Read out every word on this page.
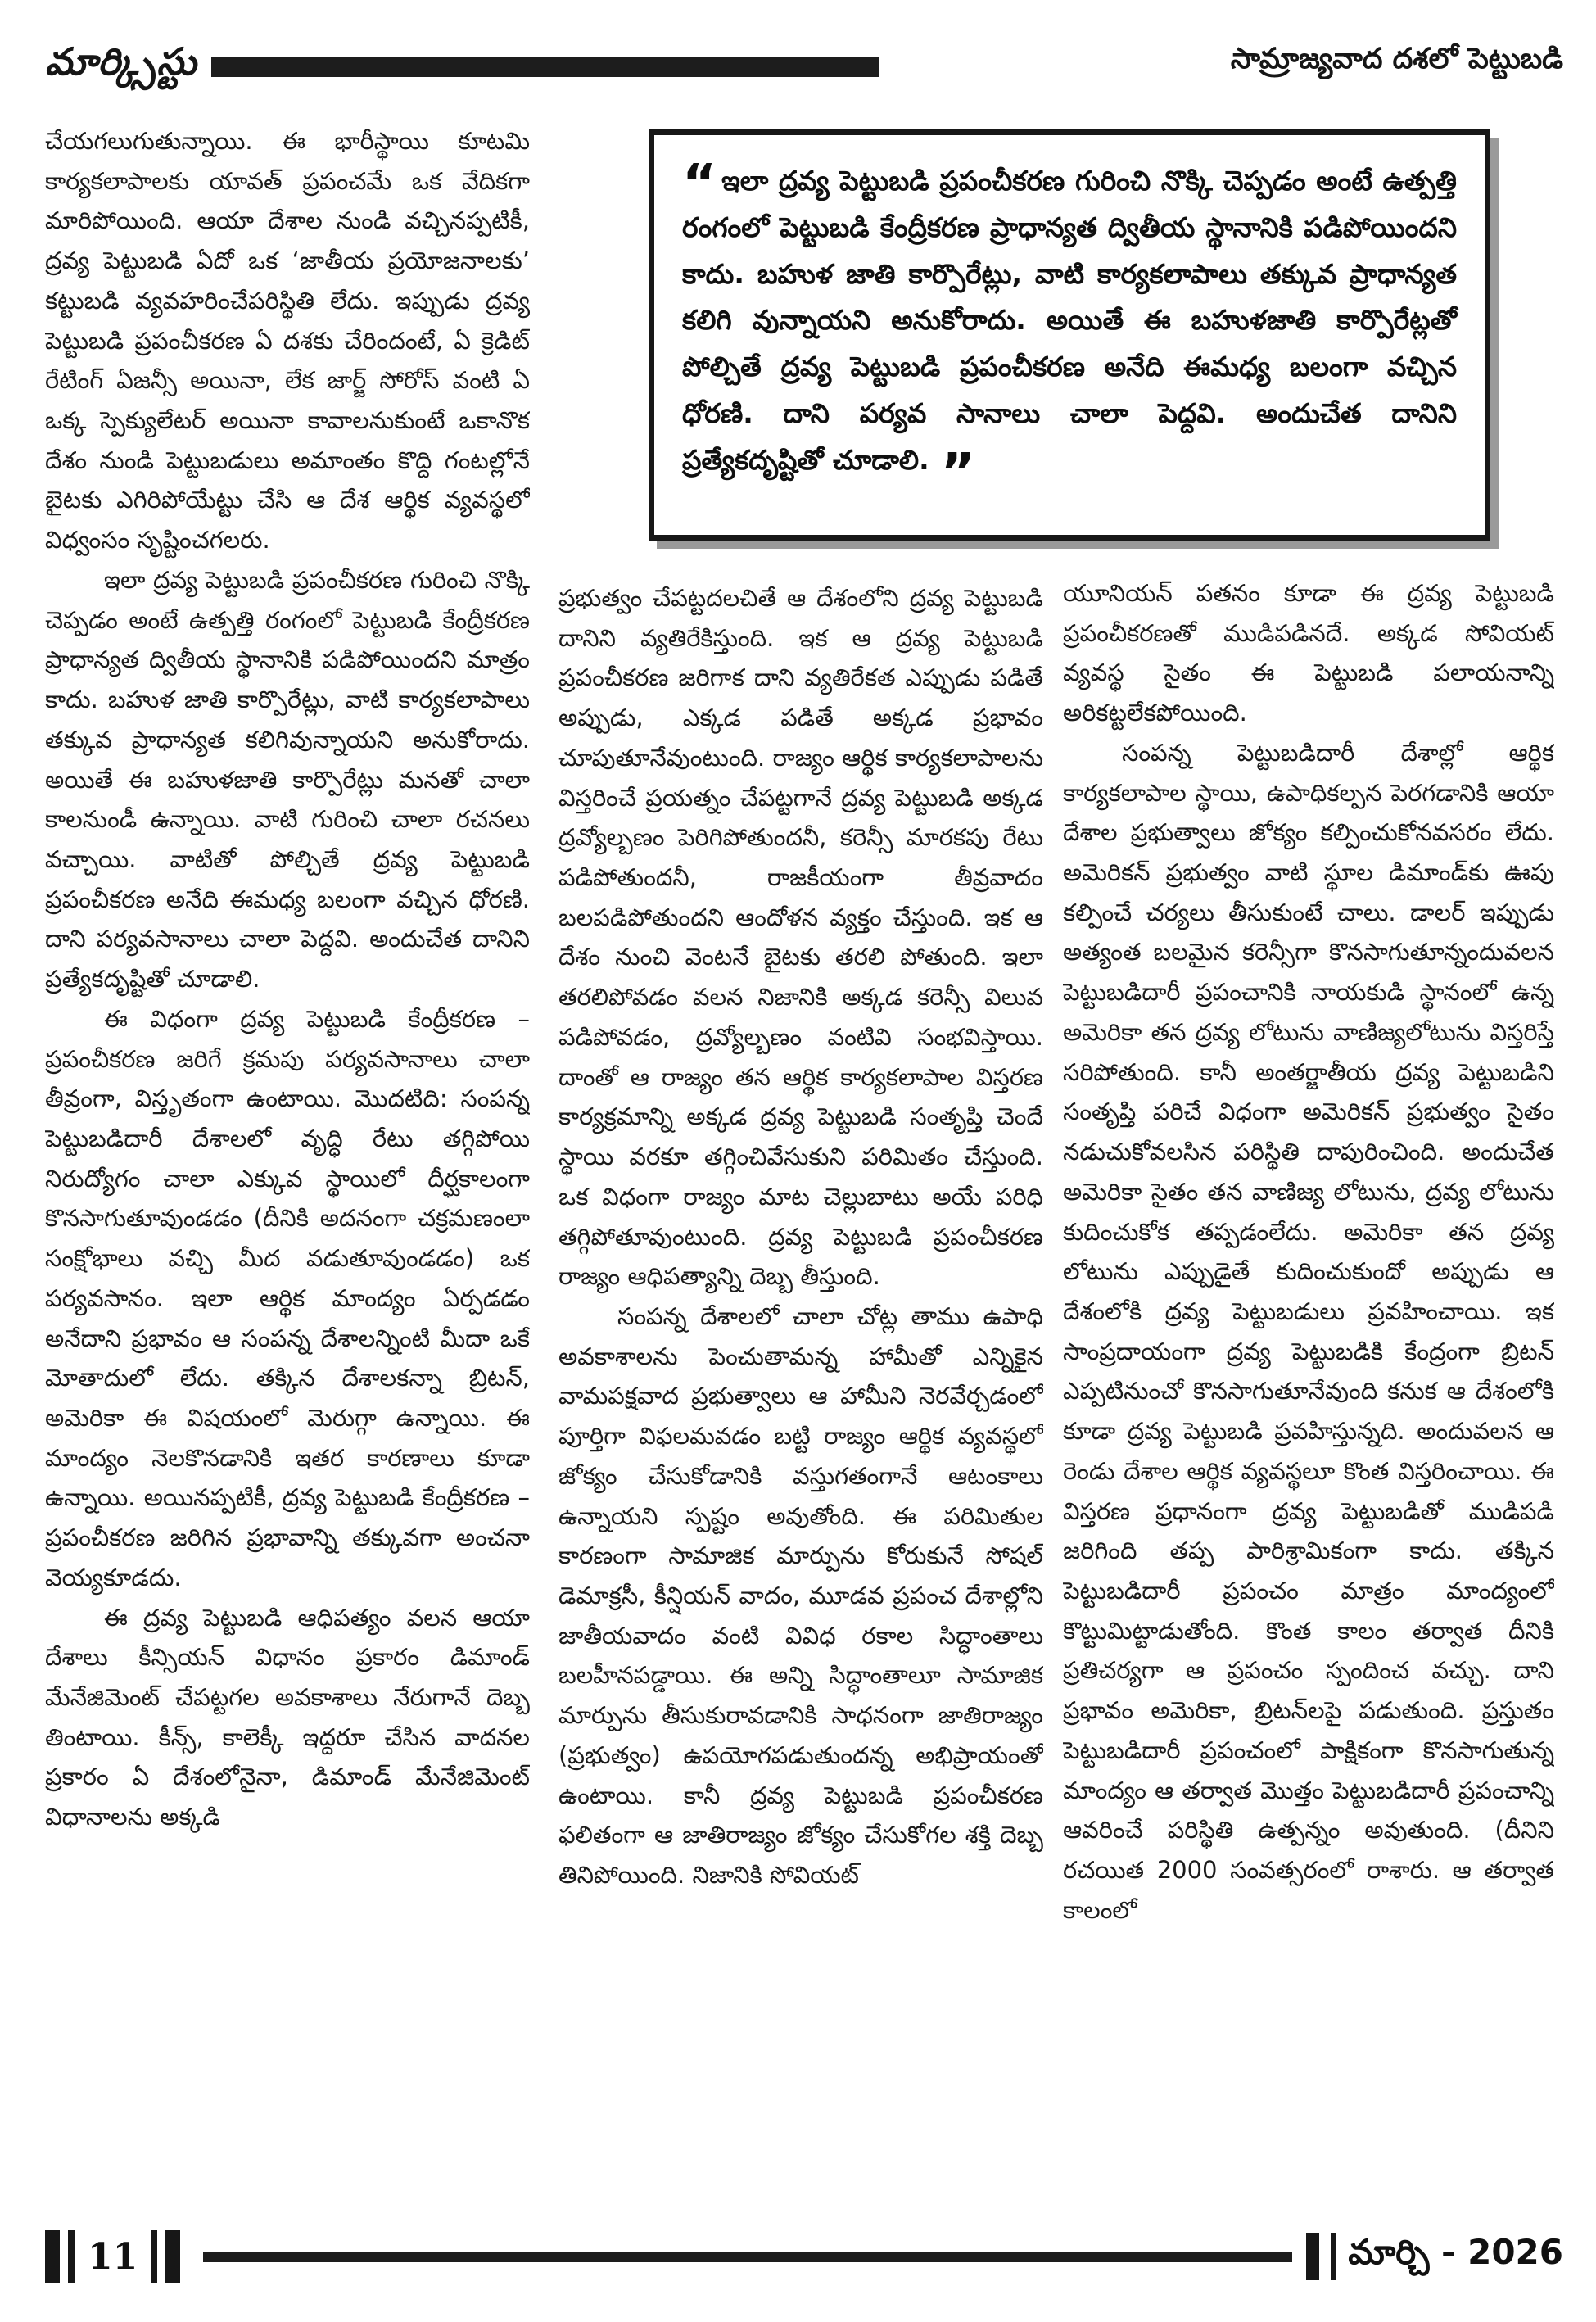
మార్క్సిస్టు	సామ్రాజ్యవాద దశలో పెట్టుబడి
“ ఇలా ద్రవ్య పెట్టుబడి ప్రపంచీకరణ గురించి నొక్కి చెప్పడం అంటే ఉత్పత్తి రంగంలో పెట్టుబడి కేంద్రీకరణ ప్రాధాన్యత ద్వితీయ స్థానానికి పడిపోయిందని కాదు. బహుళ జాతి కార్పొరేట్లు, వాటి కార్యకలాపాలు తక్కువ ప్రాధాన్యత కలిగి వున్నాయని అనుకోరాదు. అయితే ఈ బహుళజాతి కార్పొరేట్లతో పోల్చితే ద్రవ్య పెట్టుబడి ప్రపంచీకరణ అనేది ఈమధ్య బలంగా వచ్చిన ధోరణి. దాని పర్యవ సానాలు చాలా పెద్దవి. అందుచేత దానిని ప్రత్యేకదృష్టితో చూడాలి. ”

చేయగలుగుతున్నాయి. ఈ భారీస్థాయి కూటమి కార్యకలాపాలకు యావత్ ప్రపంచమే ఒక వేదికగా మారిపోయింది. ఆయా దేశాల నుండి వచ్చినప్పటికీ, ద్రవ్య పెట్టుబడి ఏదో ఒక ‘జాతీయ ప్రయోజనాలకు’ కట్టుబడి వ్యవహరించేపరిస్థితి లేదు. ఇప్పుడు ద్రవ్య పెట్టుబడి ప్రపంచీకరణ ఏ దశకు చేరిందంటే, ఏ క్రెడిట్ రేటింగ్ ఏజన్సీ అయినా, లేక జార్జ్ సోరోస్ వంటి ఏ ఒక్క స్పెక్యులేటర్ అయినా కావాలనుకుంటే ఒకానొక దేశం నుండి పెట్టుబడులు అమాంతం కొద్ది గంటల్లోనే బైటకు ఎగిరిపోయేట్టు చేసి ఆ దేశ ఆర్థిక వ్యవస్థలో విధ్వంసం సృష్టించగలరు.

ఇలా ద్రవ్య పెట్టుబడి ప్రపంచీకరణ గురించి నొక్కి చెప్పడం అంటే ఉత్పత్తి రంగంలో పెట్టుబడి కేంద్రీకరణ ప్రాధాన్యత ద్వితీయ స్థానానికి పడిపోయిందని మాత్రం కాదు. బహుళ జాతి కార్పొరేట్లు, వాటి కార్యకలాపాలు తక్కువ ప్రాధాన్యత కలిగివున్నాయని అనుకోరాదు. అయితే ఈ బహుళజాతి కార్పొరేట్లు మనతో చాలా కాలనుండీ ఉన్నాయి. వాటి గురించి చాలా రచనలు వచ్చాయి. వాటితో పోల్చితే ద్రవ్య పెట్టుబడి ప్రపంచీకరణ అనేది ఈమధ్య బలంగా వచ్చిన ధోరణి. దాని పర్యవసానాలు చాలా పెద్దవి. అందుచేత దానిని ప్రత్యేకదృష్టితో చూడాలి.

ఈ విధంగా ద్రవ్య పెట్టుబడి కేంద్రీకరణ –ప్రపంచీకరణ జరిగే క్రమపు పర్యవసానాలు చాలా తీవ్రంగా, విస్తృతంగా ఉంటాయి. మొదటిది: సంపన్న పెట్టుబడిదారీ దేశాలలో వృద్ధి రేటు తగ్గిపోయి నిరుద్యోగం చాలా ఎక్కువ స్థాయిలో దీర్ఘకాలంగా కొనసాగుతూవుండడం (దీనికి అదనంగా చక్రమణంలా సంక్షోభాలు వచ్చి మీద వడుతూవుండడం) ఒక పర్యవసానం. ఇలా ఆర్థిక మాంద్యం ఏర్పడడం అనేదాని ప్రభావం ఆ సంపన్న దేశాలన్నింటి మీదా ఒకే మోతాదులో లేదు. తక్కిన దేశాలకన్నా బ్రిటన్, అమెరికా ఈ విషయంలో మెరుగ్గా ఉన్నాయి. ఈ మాంద్యం నెలకొనడానికి ఇతర కారణాలు కూడా ఉన్నాయి. అయినప్పటికీ, ద్రవ్య పెట్టుబడి కేంద్రీకరణ – ప్రపంచీకరణ జరిగిన ప్రభావాన్ని తక్కువగా అంచనా వెయ్యకూడదు.

ఈ ద్రవ్య పెట్టుబడి ఆధిపత్యం వలన ఆయా దేశాలు కీన్సియన్ విధానం ప్రకారం డిమాండ్ మేనేజిమెంట్ చేపట్టగల అవకాశాలు నేరుగానే దెబ్బ తింటాయి. కీన్స్, కాలెక్కీ ఇద్దరూ చేసిన వాదనల ప్రకారం ఏ దేశంలోనైనా, డిమాండ్ మేనేజిమెంట్ విధానాలను అక్కడి

ప్రభుత్వం చేపట్టదలచితే ఆ దేశంలోని ద్రవ్య పెట్టుబడి దానిని వ్యతిరేకిస్తుంది. ఇక ఆ ద్రవ్య పెట్టుబడి ప్రపంచీకరణ జరిగాక దాని వ్యతిరేకత ఎప్పుడు పడితే అప్పుడు, ఎక్కడ పడితే అక్కడ ప్రభావం చూపుతూనేవుంటుంది. రాజ్యం ఆర్థిక కార్యకలాపాలను విస్తరించే ప్రయత్నం చేపట్టగానే ద్రవ్య పెట్టుబడి అక్కడ ద్రవ్యోల్బణం పెరిగిపోతుందనీ, కరెన్సీ మారకపు రేటు పడిపోతుందనీ, రాజకీయంగా తీవ్రవాదం బలపడిపోతుందని ఆందోళన వ్యక్తం చేస్తుంది. ఇక ఆ దేశం నుంచి వెంటనే బైటకు తరలి పోతుంది. ఇలా తరలిపోవడం వలన నిజానికి అక్కడ కరెన్సీ విలువ పడిపోవడం, ద్రవ్యోల్బణం వంటివి సంభవిస్తాయి. దాంతో ఆ రాజ్యం తన ఆర్థిక కార్యకలాపాల విస్తరణ కార్యక్రమాన్ని అక్కడ ద్రవ్య పెట్టుబడి సంతృప్తి చెందే స్థాయి వరకూ తగ్గించివేసుకుని పరిమితం చేస్తుంది. ఒక విధంగా రాజ్యం మాట చెల్లుబాటు అయే పరిధి తగ్గిపోతూవుంటుంది. ద్రవ్య పెట్టుబడి ప్రపంచీకరణ రాజ్యం ఆధిపత్యాన్ని దెబ్బ తీస్తుంది.

సంపన్న దేశాలలో చాలా చోట్ల తాము ఉపాధి అవకాశాలను పెంచుతామన్న హామీతో ఎన్నికైన వామపక్షవాద ప్రభుత్వాలు ఆ హామీని నెరవేర్చడంలో పూర్తిగా విఫలమవడం బట్టి రాజ్యం ఆర్థిక వ్యవస్థలో జోక్యం చేసుకోడానికి వస్తుగతంగానే ఆటంకాలు ఉన్నాయని స్పష్టం అవుతోంది. ఈ పరిమితుల కారణంగా సామాజిక మార్పును కోరుకునే సోషల్ డెమాక్రసీ, కీన్షియన్ వాదం, మూడవ ప్రపంచ దేశాల్లోని జాతీయవాదం వంటి వివిధ రకాల సిద్ధాంతాలు బలహీనపడ్డాయి. ఈ అన్ని సిద్ధాంతాలూ సామాజిక మార్పును తీసుకురావడానికి సాధనంగా జాతిరాజ్యం (ప్రభుత్వం) ఉపయోగపడుతుందన్న అభిప్రాయంతో ఉంటాయి. కానీ ద్రవ్య పెట్టుబడి ప్రపంచీకరణ ఫలితంగా ఆ జాతిరాజ్యం జోక్యం చేసుకోగల శక్తి దెబ్బ తినిపోయింది. నిజానికి సోవియట్

యూనియన్ పతనం కూడా ఈ ద్రవ్య పెట్టుబడి ప్రపంచీకరణతో ముడిపడినదే. అక్కడ సోవియట్ వ్యవస్థ సైతం ఈ పెట్టుబడి పలాయనాన్ని అరికట్టలేకపోయింది.

సంపన్న పెట్టుబడిదారీ దేశాల్లో ఆర్థిక కార్యకలాపాల స్థాయి, ఉపాధికల్పన పెరగడానికి ఆయా దేశాల ప్రభుత్వాలు జోక్యం కల్పించుకోనవసరం లేదు. అమెరికన్ ప్రభుత్వం వాటి స్థూల డిమాండ్‌కు ఊపు కల్పించే చర్యలు తీసుకుంటే చాలు. డాలర్ ఇప్పుడు అత్యంత బలమైన కరెన్సీగా కొనసాగుతూన్నందువలన పెట్టుబడిదారీ ప్రపంచానికి నాయకుడి స్థానంలో ఉన్న అమెరికా తన ద్రవ్య లోటును వాణిజ్యలోటును విస్తరిస్తే సరిపోతుంది. కానీ అంతర్జాతీయ ద్రవ్య పెట్టుబడిని సంతృప్తి పరిచే విధంగా అమెరికన్ ప్రభుత్వం సైతం నడుచుకోవలసిన పరిస్థితి దాపురించింది. అందుచేత అమెరికా సైతం తన వాణిజ్య లోటును, ద్రవ్య లోటును కుదించుకోక తప్పడంలేదు. అమెరికా తన ద్రవ్య లోటును ఎప్పుడైతే కుదించుకుందో అప్పుడు ఆ దేశంలోకి ద్రవ్య పెట్టుబడులు ప్రవహించాయి. ఇక సాంప్రదాయంగా ద్రవ్య పెట్టుబడికి కేంద్రంగా బ్రిటన్ ఎప్పటినుంచో కొనసాగుతూనేవుంది కనుక ఆ దేశంలోకి కూడా ద్రవ్య పెట్టుబడి ప్రవహిస్తున్నది. అందువలన ఆ రెండు దేశాల ఆర్థిక వ్యవస్థలూ కొంత విస్తరించాయి. ఈ విస్తరణ ప్రధానంగా ద్రవ్య పెట్టుబడితో ముడిపడి జరిగింది తప్ప పారిశ్రామికంగా కాదు. తక్కిన పెట్టుబడిదారీ ప్రపంచం మాత్రం మాంద్యంలో కొట్టుమిట్టాడుతోంది. కొంత కాలం తర్వాత దీనికి ప్రతిచర్యగా ఆ ప్రపంచం స్పందించ వచ్చు. దాని ప్రభావం అమెరికా, బ్రిటన్‌లపై పడుతుంది. ప్రస్తుతం పెట్టుబడిదారీ ప్రపంచంలో పాక్షికంగా కొనసాగుతున్న మాంద్యం ఆ తర్వాత మొత్తం పెట్టుబడిదారీ ప్రపంచాన్ని ఆవరించే పరిస్థితి ఉత్పన్నం అవుతుంది. (దీనిని రచయిత 2000 సంవత్సరంలో రాశారు. ఆ తర్వాత కాలంలో

11	మార్చి - 2026
